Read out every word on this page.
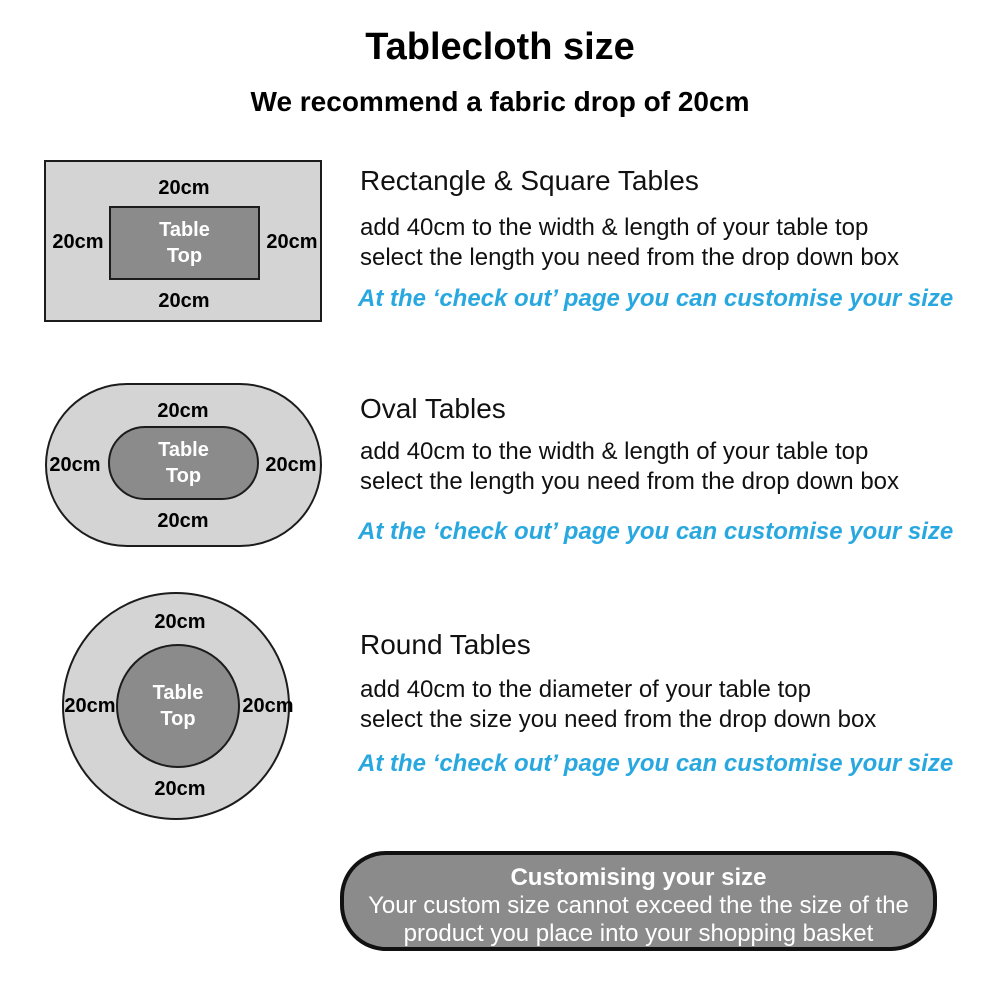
Tablecloth size
We recommend a fabric drop of 20cm
20cm
20cm	20cm
20cm
Table
Top
Rectangle & Square Tables
add 40cm to the width & length of your table top
select the length you need from the drop down box
At the ‘check out’ page you can customise your size
20cm
20cm	20cm
20cm
Table
Top
Oval Tables
add 40cm to the width & length of your table top
select the length you need from the drop down box
At the ‘check out’ page you can customise your size
20cm
20cm	20cm
20cm
Table
Top
Round Tables
add 40cm to the diameter of your table top
select the size you need from the drop down box
At the ‘check out’ page you can customise your size
Customising your size
Your custom size cannot exceed the the size of the
product you place into your shopping basket
